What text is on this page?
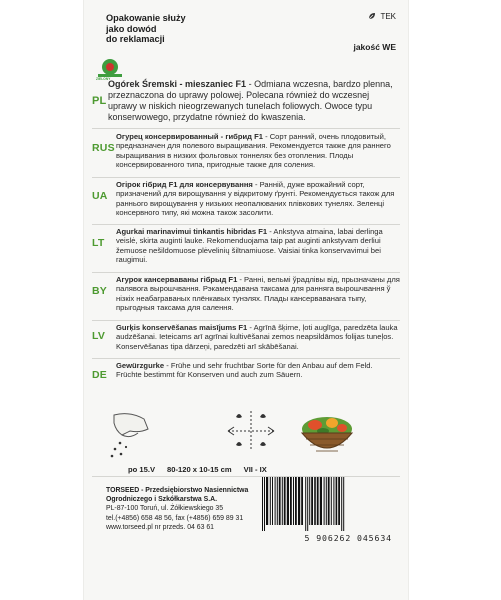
Opakowanie służy
jako dowód
do reklamacji
TEK
jakość WE
ZIELONY
PL
Ogórek Śremski - mieszaniec F1 - Odmiana wczesna, bardzo plenna, przeznaczona do uprawy polowej. Polecana również do wczesnej uprawy w niskich nieogrzewanych tunelach foliowych. Owoce typu konserwowego, przydatne również do kwaszenia.
RUS
Огурец консервированный - гибрид F1 - Сорт ранний, очень плодовитый, предназначен для полевого выращивания. Рекомендуется также для раннего выращивания в низких фольговых тоннелях без отопления. Плоды консервированного типа, пригодные также для соления.
UA
Огірок гібрид F1 для консервування - Ранній, дуже врожайний сорт, призначений для вирощування у відкритому ґрунті. Рекомендується також для раннього вирощування у низьких неопалюваних плівкових тунелях. Зеленці консервного типу, які можна також засолити.
LT
Agurkai marinavimui tinkantis hibridas F1 - Ankstyva atmaina, labai derlinga veislė, skirta auginti lauke. Rekomenduojama taip pat auginti ankstyvam derliui žemuose nešildomuose plėvelinių šiltnamiuose. Vaisiai tinka konservavimui bei raugimui.
BY
Агурок кансерваваны гібрыд F1 - Ранні, вельмі ўрадлівы від, прызначаны для палявога вырошчвання. Рэкамендавана таксама для ранняга вырошчвання ў нізкіх неабаграваных плёнкавых тунэлях. Плады кансерваванага тыпу, прыгодныя таксама для салення.
LV
Gurķis konservēšanas maisījums F1 - Agrīnā šķirne, ļoti auglīga, paredzēta lauka audzēšanai. Ieteicams arī agrīnai kultivēšanai zemos neapsildāmos folijas tuneļos. Konservēšanas tipa dārzeņi, paredzēti arī skābēšanai.
DE
Gewürzgurke - Frühe und sehr fruchtbar Sorte für den Anbau auf dem Feld. Früchte bestimmt für Konserven und auch zum Säuern.
po 15.V 80-120 x 10-15 cm VII - IX
TORSEED - Przedsiębiorstwo Nasiennictwa
Ogrodniczego i Szkółkarstwa S.A.
PL-87-100 Toruń, ul. Żółkiewskiego 35
tel.(+4856) 658 48 56, fax (+4856) 659 89 31
www.torseed.pl nr przeds. 04 63 61
5 906262 045634
